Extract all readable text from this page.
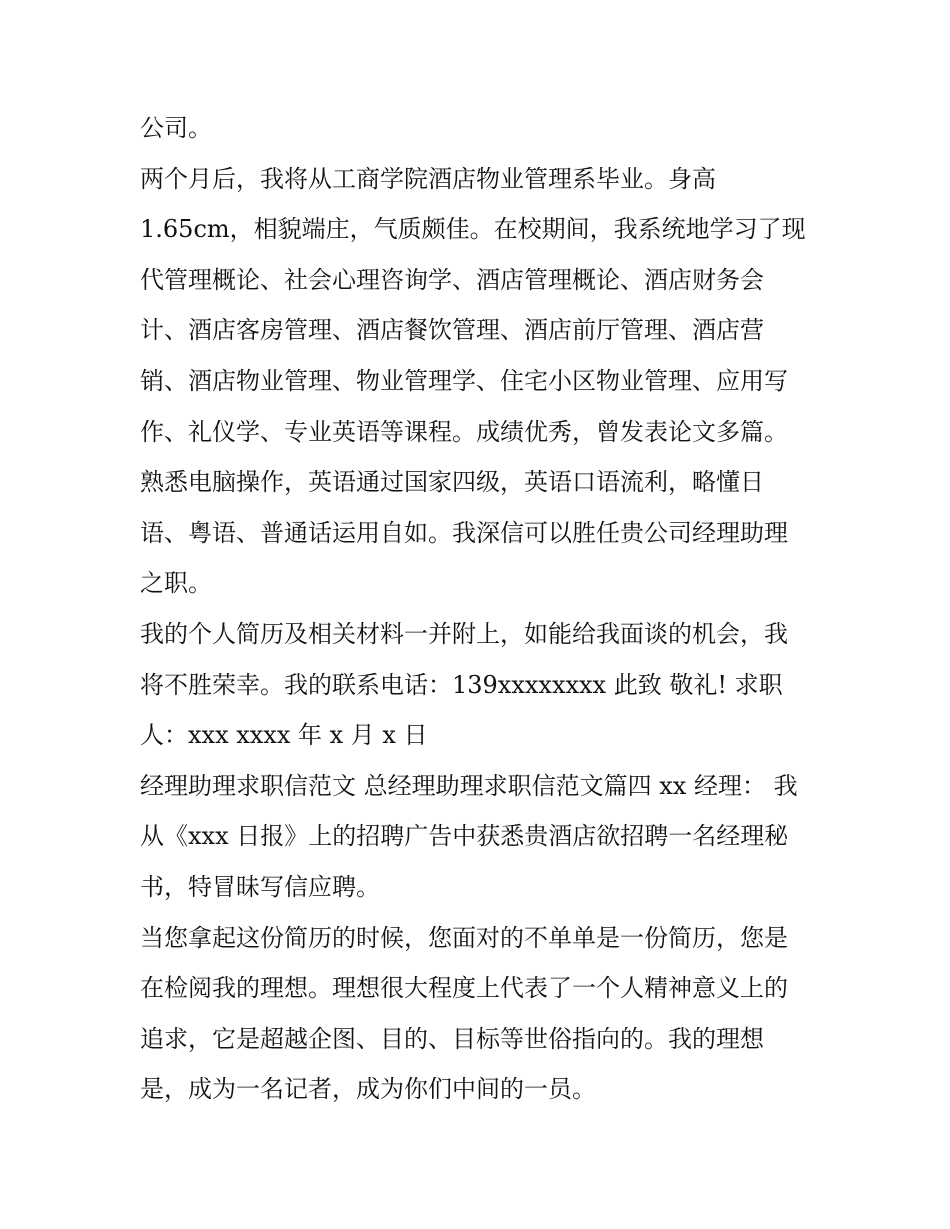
公司。
两个月后，我将从工商学院酒店物业管理系毕业。身高
1.65cm，相貌端庄，气质颇佳。在校期间，我系统地学习了现
代管理概论、社会心理咨询学、酒店管理概论、酒店财务会
计、酒店客房管理、酒店餐饮管理、酒店前厅管理、酒店营
销、酒店物业管理、物业管理学、住宅小区物业管理、应用写
作、礼仪学、专业英语等课程。成绩优秀，曾发表论文多篇。
熟悉电脑操作，英语通过国家四级，英语口语流利，略懂日
语、粤语、普通话运用自如。我深信可以胜任贵公司经理助理
之职。
我的个人简历及相关材料一并附上，如能给我面谈的机会，我
将不胜荣幸。我的联系电话：139xxxxxxxx 此致 敬礼! 求职
人：xxx xxxx 年 x 月 x 日
经理助理求职信范文 总经理助理求职信范文篇四 xx 经理： 我
从《xxx 日报》上的招聘广告中获悉贵酒店欲招聘一名经理秘
书，特冒昧写信应聘。
当您拿起这份简历的时候，您面对的不单单是一份简历，您是
在检阅我的理想。理想很大程度上代表了一个人精神意义上的
追求，它是超越企图、目的、目标等世俗指向的。我的理想
是，成为一名记者，成为你们中间的一员。
